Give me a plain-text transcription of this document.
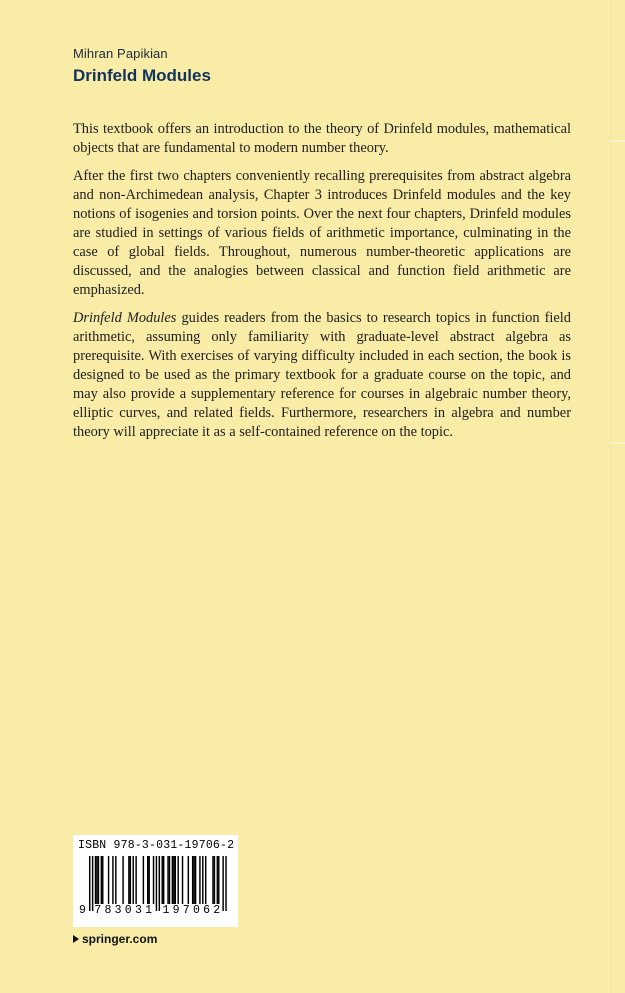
Mihran Papikian
Drinfeld Modules

This textbook offers an introduction to the theory of Drinfeld modules, mathematical objects that are fundamental to modern number theory.

After the first two chapters conveniently recalling prerequisites from abstract algebra and non-Archimedean analysis, Chapter 3 introduces Drinfeld modules and the key notions of isogenies and torsion points. Over the next four chapters, Drinfeld modules are studied in settings of various fields of arithmetic importance, culminating in the case of global fields. Throughout, numerous number-theoretic applications are discussed, and the analogies between classical and function field arithmetic are emphasized.

Drinfeld Modules guides readers from the basics to research topics in function field arithmetic, assuming only familiarity with graduate-level abstract algebra as prerequisite. With exercises of varying difficulty included in each section, the book is designed to be used as the primary textbook for a graduate course on the topic, and may also provide a supplementary reference for courses in algebraic number theory, elliptic curves, and related fields. Furthermore, researchers in algebra and number theory will appreciate it as a self-contained reference on the topic.

ISBN 978-3-031-19706-2
9 7 8 3 0 3 1 1 9 7 0 6 2
springer.com
